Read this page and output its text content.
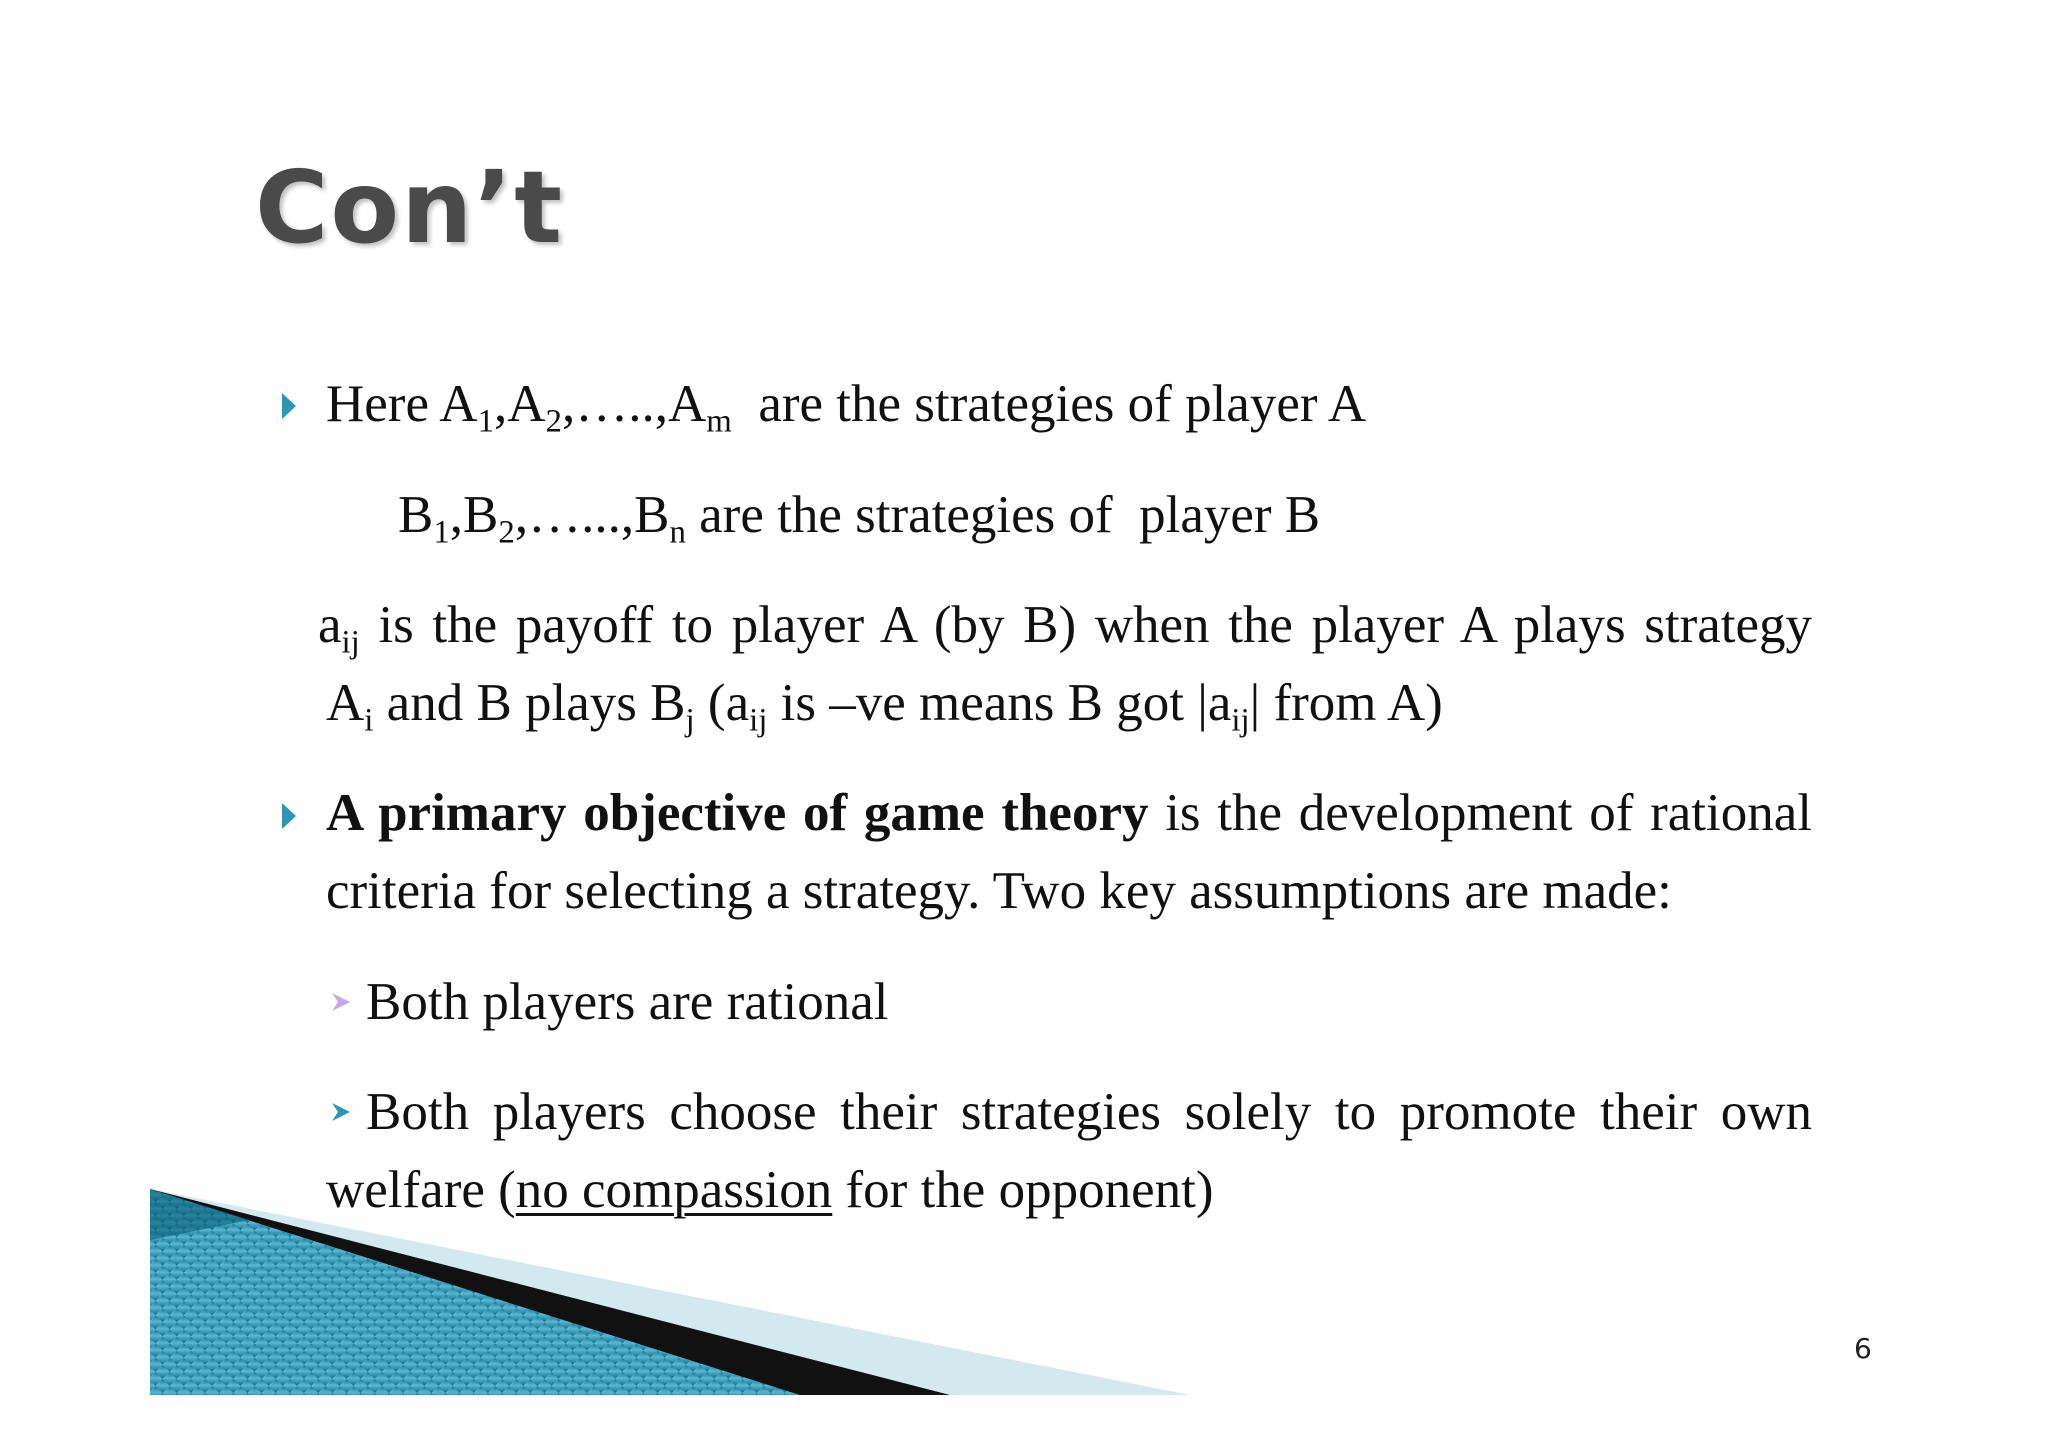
Con’t
Here $A_1,A_2,\dots..,A_m$  are the strategies of player A
$B_1,B_2,\dots...,B_n$ are the strategies of  player B
$a_{ij}$ is the payoff to player A (by B) when the player A plays strategy
$A_i$ and B plays $B_j$ ($a_{ij}$ is –ve means B got $|a_{ij}|$ from A)
A primary objective of game theory is the development of rational
criteria for selecting a strategy. Two key assumptions are made:
Both players are rational
Both players choose their strategies solely to promote their own
welfare (no compassion for the opponent)
6
